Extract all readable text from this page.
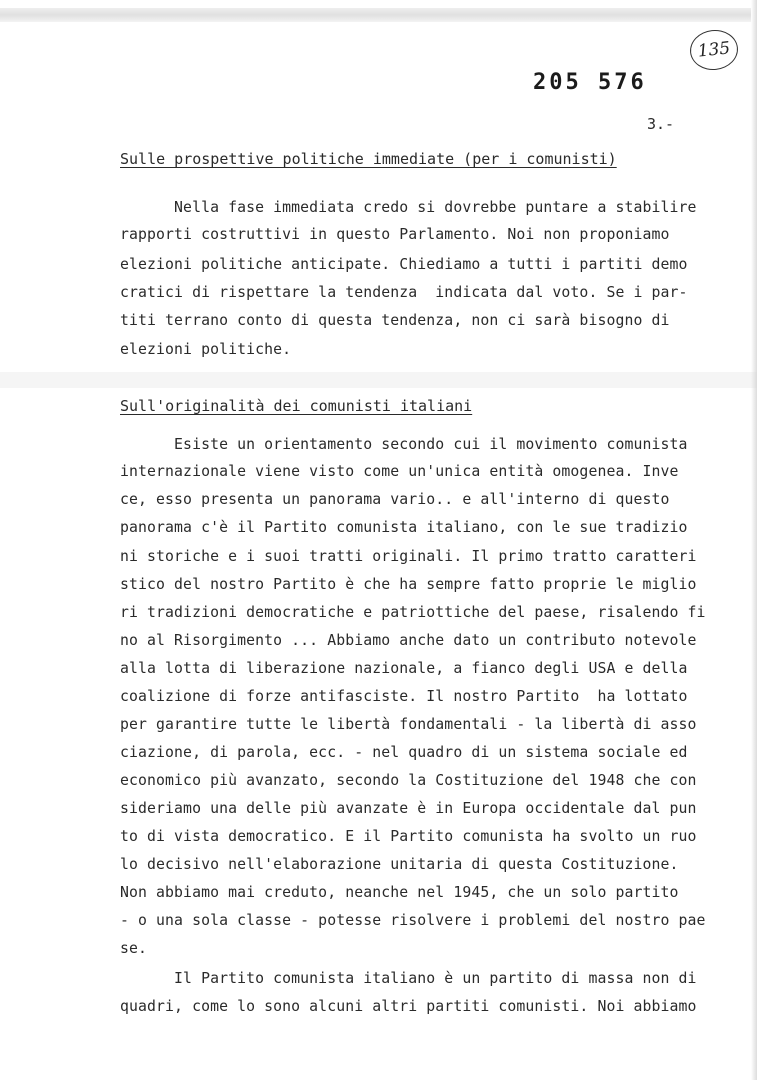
135
205 576
3.-
Sulle prospettive politiche immediate (per i comunisti)
Nella fase immediata credo si dovrebbe puntare a stabilire
rapporti costruttivi in questo Parlamento. Noi non proponiamo
elezioni politiche anticipate. Chiediamo a tutti i partiti demo
cratici di rispettare la tendenza  indicata dal voto. Se i par-
titi terrano conto di questa tendenza, non ci sarà bisogno di
elezioni politiche.
Sull'originalità dei comunisti italiani
Esiste un orientamento secondo cui il movimento comunista
internazionale viene visto come un'unica entità omogenea. Inve
ce, esso presenta un panorama vario.. e all'interno di questo
panorama c'è il Partito comunista italiano, con le sue tradizio
ni storiche e i suoi tratti originali. Il primo tratto caratteri
stico del nostro Partito è che ha sempre fatto proprie le miglio
ri tradizioni democratiche e patriottiche del paese, risalendo fi
no al Risorgimento ... Abbiamo anche dato un contributo notevole
alla lotta di liberazione nazionale, a fianco degli USA e della
coalizione di forze antifasciste. Il nostro Partito  ha lottato
per garantire tutte le libertà fondamentali - la libertà di asso
ciazione, di parola, ecc. - nel quadro di un sistema sociale ed
economico più avanzato, secondo la Costituzione del 1948 che con
sideriamo una delle più avanzate è in Europa occidentale dal pun
to di vista democratico. E il Partito comunista ha svolto un ruo
lo decisivo nell'elaborazione unitaria di questa Costituzione.
Non abbiamo mai creduto, neanche nel 1945, che un solo partito
- o una sola classe - potesse risolvere i problemi del nostro pae
se.
Il Partito comunista italiano è un partito di massa non di
quadri, come lo sono alcuni altri partiti comunisti. Noi abbiamo
